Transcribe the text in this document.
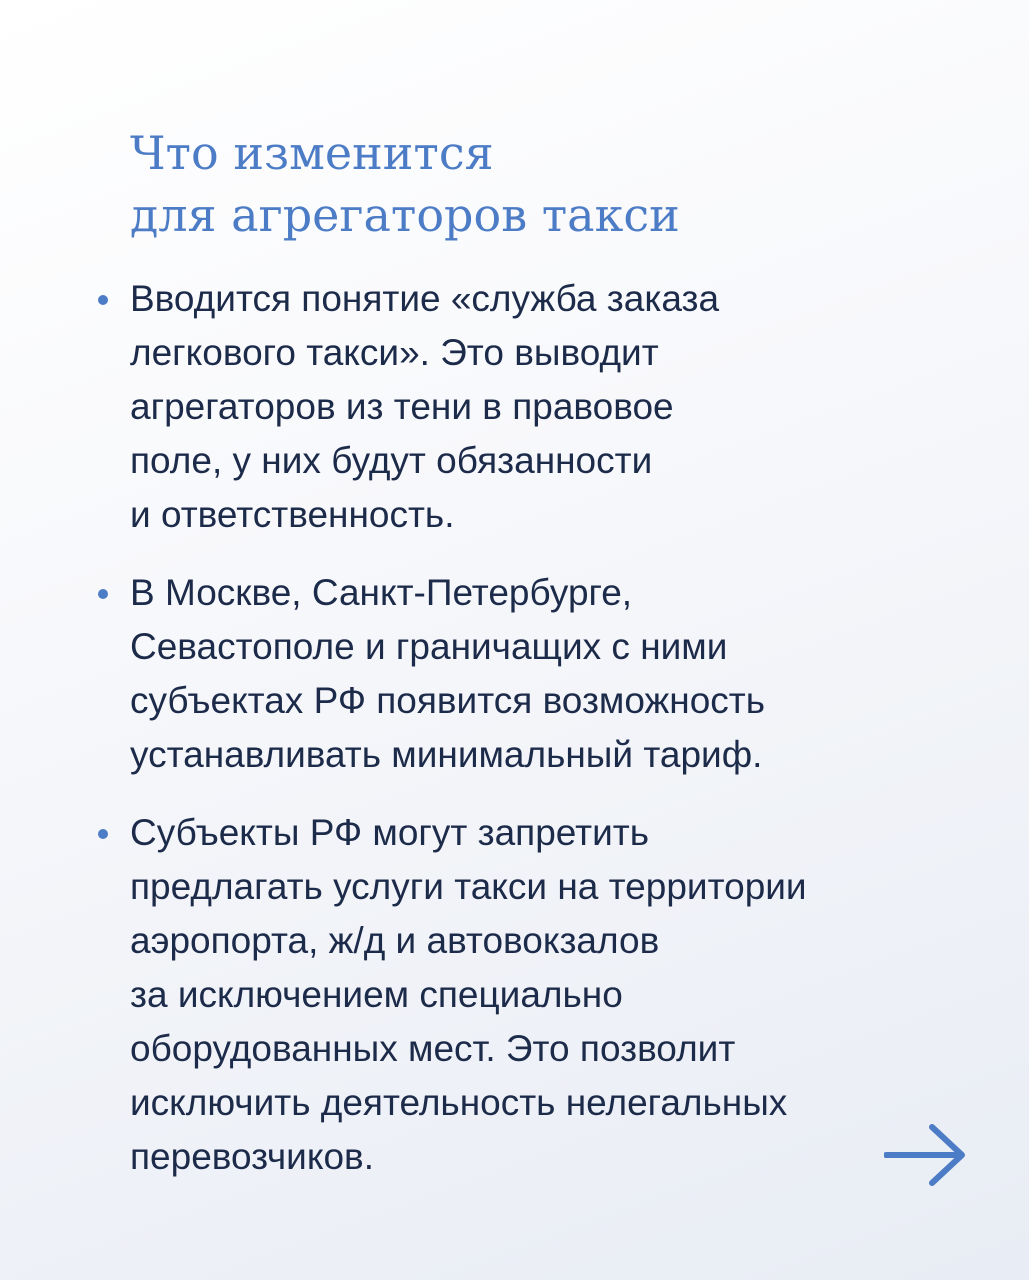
Что изменится
для агрегаторов такси
Вводится понятие «служба заказа
легкового такси». Это выводит
агрегаторов из тени в правовое
поле, у них будут обязанности
и ответственность.
В Москве, Санкт-Петербурге,
Севастополе и граничащих с ними
субъектах РФ появится возможность
устанавливать минимальный тариф.
Субъекты РФ могут запретить
предлагать услуги такси на территории
аэропорта, ж/д и автовокзалов
за исключением специально
оборудованных мест. Это позволит
исключить деятельность нелегальных
перевозчиков.
